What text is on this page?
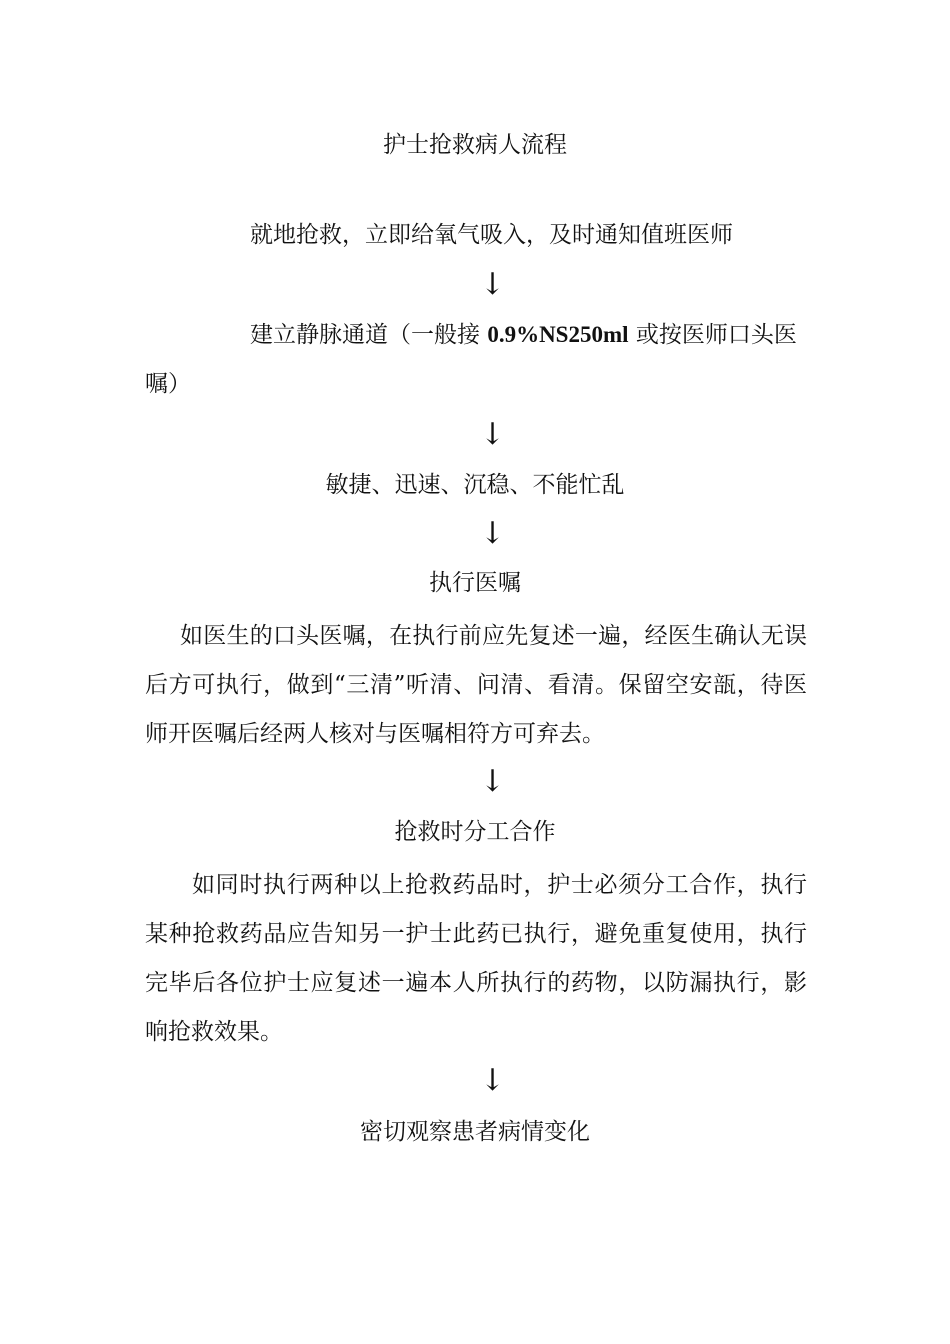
护士抢救病人流程
就地抢救，立即给氧气吸入，及时通知值班医师
↓
建立静脉通道（一般接 0.9%NS250ml 或按医师口头医
嘱）
↓
敏捷、迅速、沉稳、不能忙乱
↓
执行医嘱
如医生的口头医嘱，在执行前应先复述一遍，经医生确认无误后方可执行，做到“三清”听清、问清、看清。保留空安瓿，待医师开医嘱后经两人核对与医嘱相符方可弃去。
↓
抢救时分工合作
如同时执行两种以上抢救药品时，护士必须分工合作，执行某种抢救药品应告知另一护士此药已执行，避免重复使用，执行完毕后各位护士应复述一遍本人所执行的药物，以防漏执行，影响抢救效果。
↓
密切观察患者病情变化
